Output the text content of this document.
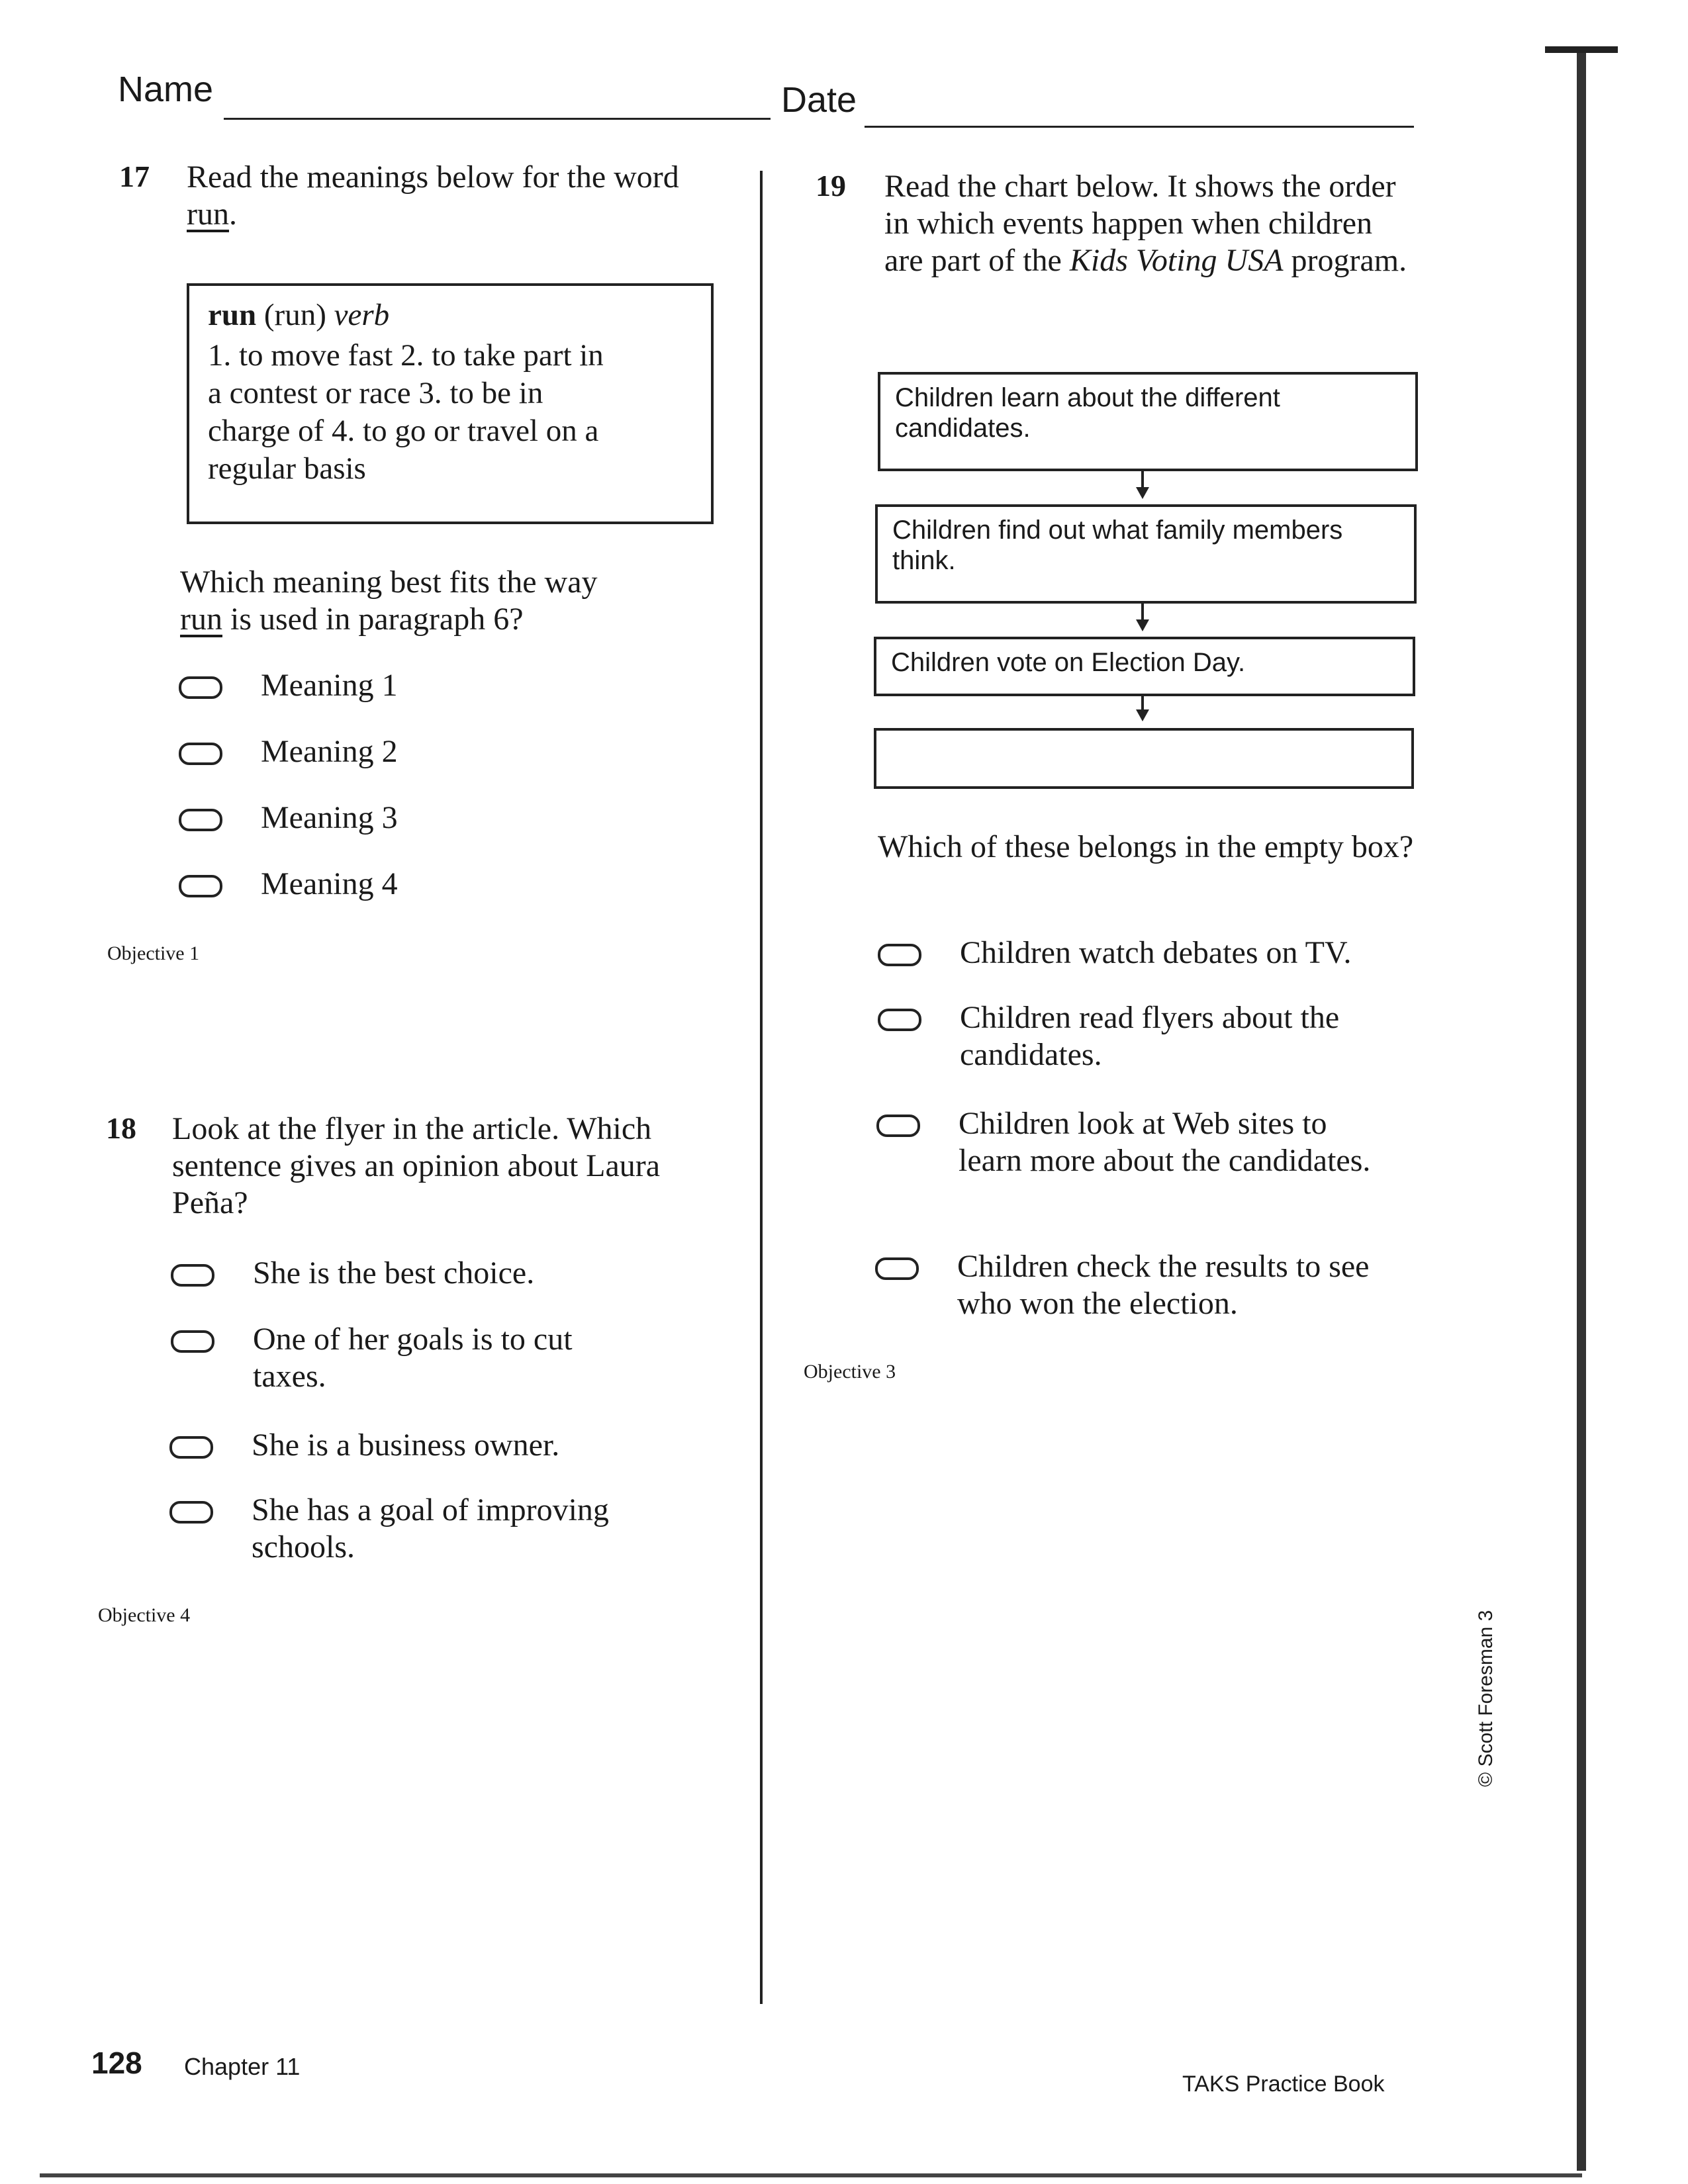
Name	Date
17 Read the meanings below for the word run.
run (run) verb
1. to move fast 2. to take part in
a contest or race 3. to be in
charge of 4. to go or travel on a
regular basis
Which meaning best fits the way
run is used in paragraph 6?
Meaning 1
Meaning 2
Meaning 3
Meaning 4
Objective 1
18 Look at the flyer in the article. Which sentence gives an opinion about Laura Peña?
She is the best choice.
One of her goals is to cut taxes.
She is a business owner.
She has a goal of improving schools.
Objective 4
19 Read the chart below. It shows the order in which events happen when children are part of the Kids Voting USA program.
Children learn about the different candidates.
Children find out what family members think.
Children vote on Election Day.
Which of these belongs in the empty box?
Children watch debates on TV.
Children read flyers about the candidates.
Children look at Web sites to learn more about the candidates.
Children check the results to see who won the election.
Objective 3
© Scott Foresman 3
128 Chapter 11
TAKS Practice Book
